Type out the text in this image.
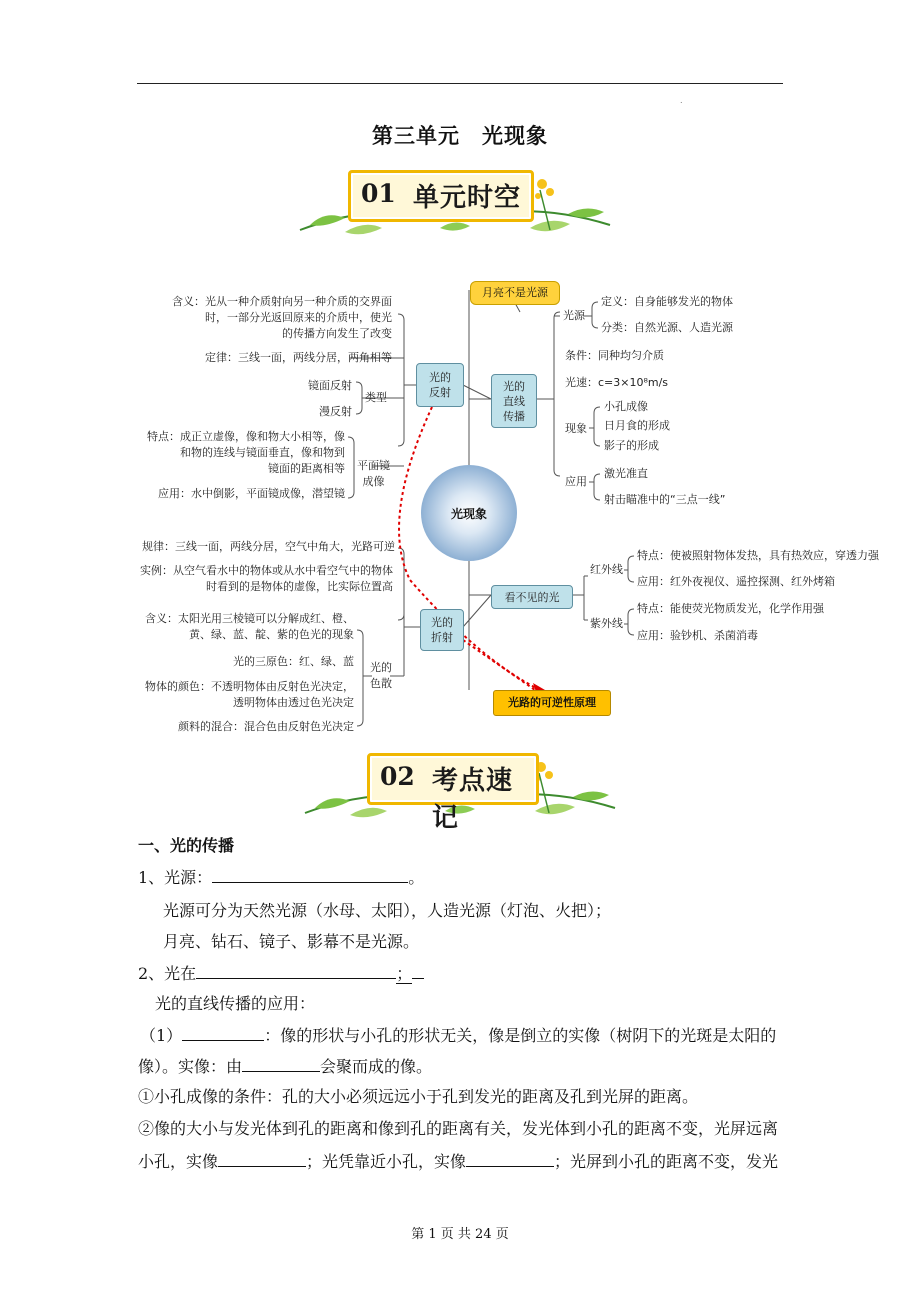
.
第三单元　光现象
01 单元时空
月亮不是光源
光的
反射	光的
直线
传播
光的
折射
看不见的光
光现象
光路的可逆性原理
含义：光从一种介质射向另一种介质的交界面
时，一部分光返回原来的介质中，使光
的传播方向发生了改变
定律：三线一面，两线分居，两角相等
镜面反射
漫反射
类型
特点：成正立虚像，像和物大小相等，像
和物的连线与镜面垂直，像和物到
镜面的距离相等 平面镜
成像
应用：水中倒影，平面镜成像，潜望镜
光源
定义：自身能够发光的物体
分类：自然光源、人造光源
条件：同种均匀介质
光速：c=3×10⁸m/s
现象
小孔成像
日月食的形成
影子的形成
应用
激光准直
射击瞄准中的“三点一线”
规律：三线一面，两线分居，空气中角大，光路可逆
实例：从空气看水中的物体或从水中看空气中的物体
时看到的是物体的虚像，比实际位置高
含义：太阳光用三棱镜可以分解成红、橙、
黄、绿、蓝、靛、紫的色光的现象
光的三原色：红、绿、蓝
物体的颜色：不透明物体由反射色光决定，
透明物体由透过色光决定
颜料的混合：混合色由反射色光决定
光的
色散
红外线
特点：使被照射物体发热，具有热效应，穿透力强
应用：红外夜视仪、遥控探测、红外烤箱
紫外线
特点：能使荧光物质发光，化学作用强
应用：验钞机、杀菌消毒
02 考点速记
一、光的传播
1、光源：	。
光源可分为天然光源（水母、太阳），人造光源（灯泡、火把）；
月亮、钻石、镜子、影幕不是光源。
2、光在	；
光的直线传播的应用：
（1）	：像的形状与小孔的形状无关，像是倒立的实像（树阴下的光斑是太阳的
像）。实像：由	会聚而成的像。
①小孔成像的条件：孔的大小必须远远小于孔到发光的距离及孔到光屏的距离。
②像的大小与发光体到孔的距离和像到孔的距离有关，发光体到小孔的距离不变，光屏远离
小孔，实像	；光凭靠近小孔，实像	；光屏到小孔的距离不变，发光
第 1 页 共 24 页
